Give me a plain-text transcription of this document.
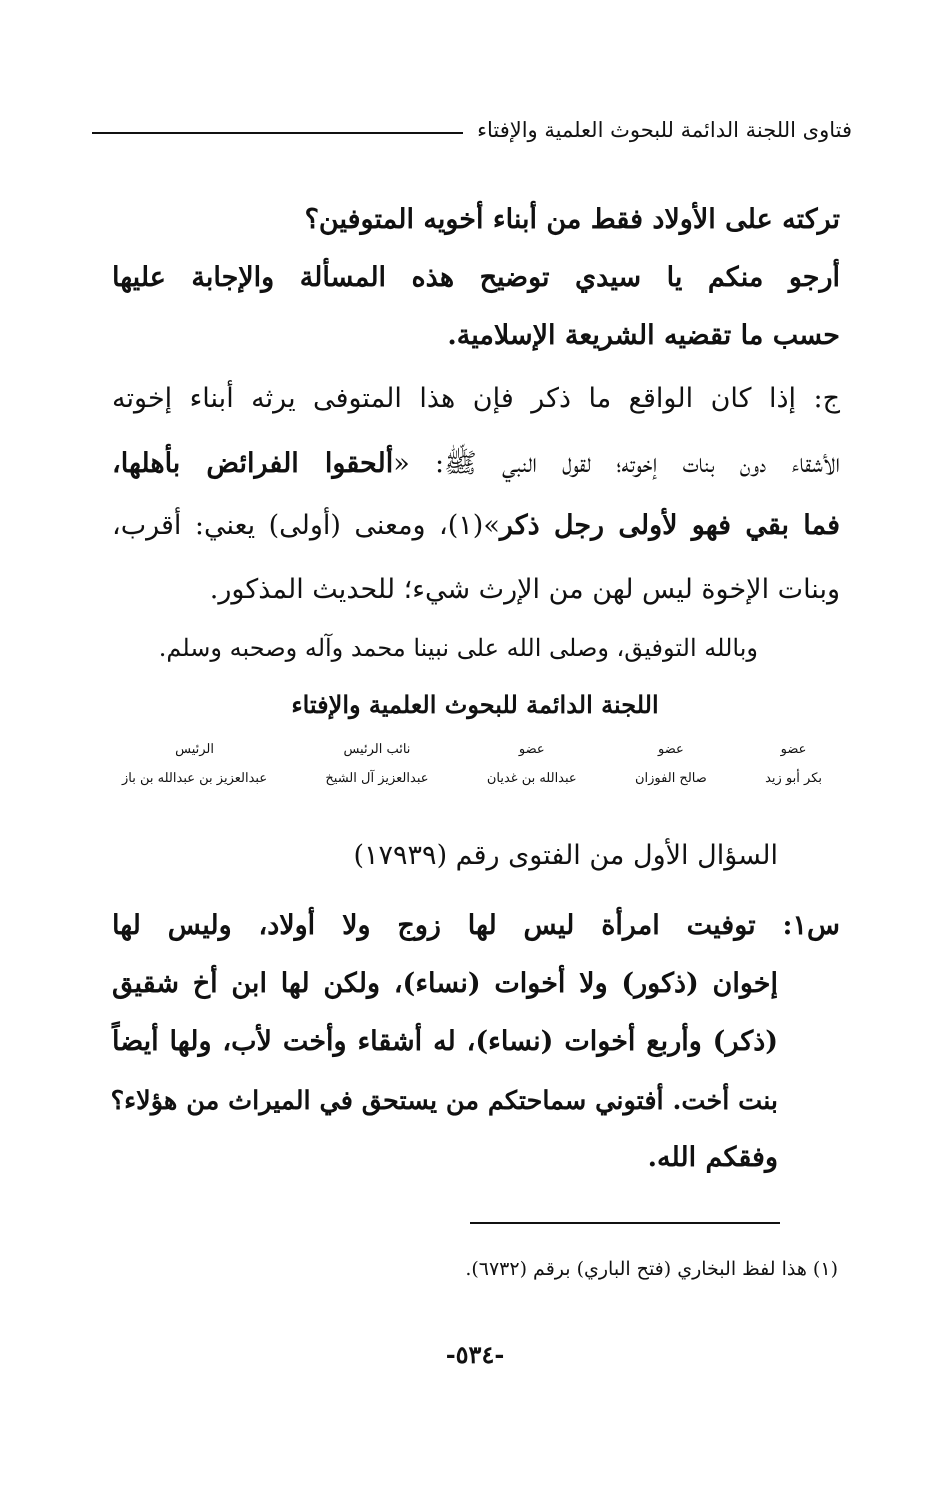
فتاوى اللجنة الدائمة للبحوث العلمية والإفتاء
تركته على الأولاد فقط من أبناء أخويه المتوفين؟
أرجو منكم يا سيدي توضيح هذه المسألة والإجابة عليها
حسب ما تقضيه الشريعة الإسلامية.
ج: إذا كان الواقع ما ذكر فإن هذا المتوفى يرثه أبناء إخوته
الأشقاء دون بنات إخوته؛ لقول النبي ﷺ: «ألحقوا الفرائض بأهلها،
فما بقي فهو لأولى رجل ذكر»(١)، ومعنى (أولى) يعني: أقرب،
وبنات الإخوة ليس لهن من الإرث شيء؛ للحديث المذكور.
وبالله التوفيق، وصلى الله على نبينا محمد وآله وصحبه وسلم.
اللجنة الدائمة للبحوث العلمية والإفتاء
عضو
بكر أبو زيد
عضو
صالح الفوزان
عضو
عبدالله بن غديان
نائب الرئيس
عبدالعزيز آل الشيخ
الرئيس
عبدالعزيز بن عبدالله بن باز
السؤال الأول من الفتوى رقم (١٧٩٣٩)
س١: توفيت امرأة ليس لها زوج ولا أولاد، وليس لها
إخوان (ذكور) ولا أخوات (نساء)، ولكن لها ابن أخ شقيق
(ذكر) وأربع أخوات (نساء)، له أشقاء وأخت لأب، ولها أيضاً
بنت أخت. أفتوني سماحتكم من يستحق في الميراث من هؤلاء؟
وفقكم الله.
(١) هذا لفظ البخاري (فتح الباري) برقم (٦٧٣٢).
-٥٣٤-
